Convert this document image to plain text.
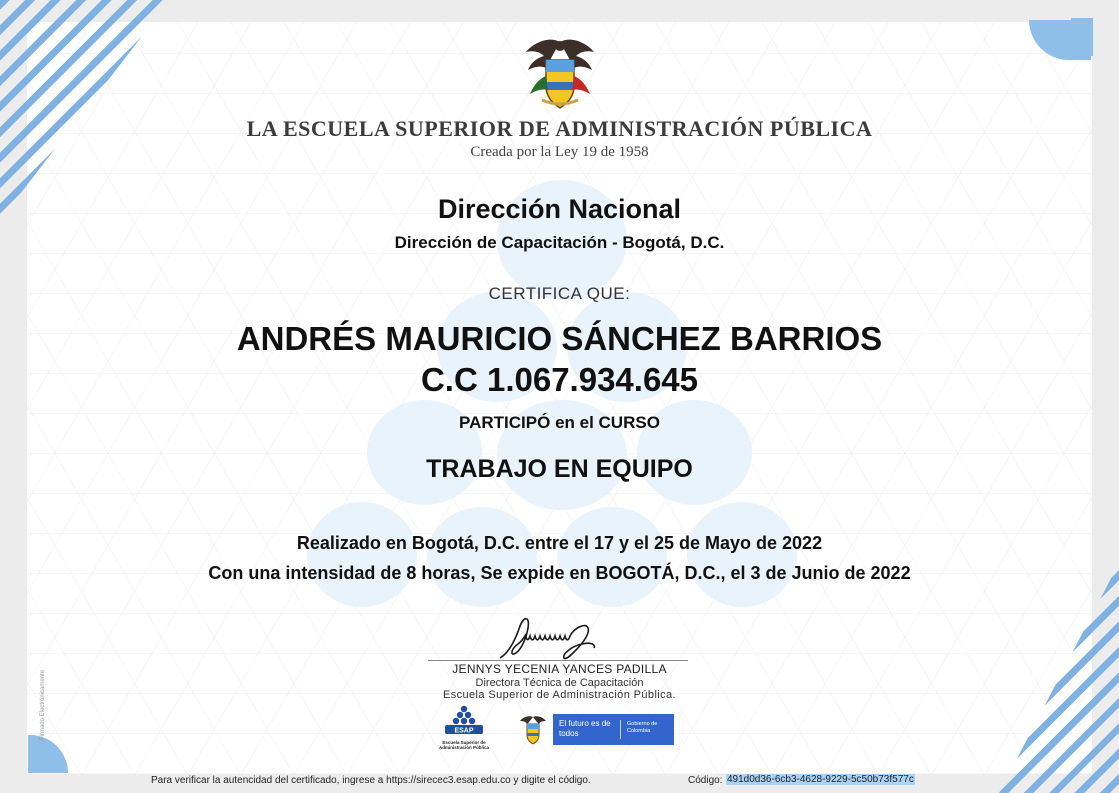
LA ESCUELA SUPERIOR DE ADMINISTRACIÓN PÚBLICA
Creada por la Ley 19 de 1958
Dirección Nacional
Dirección de Capacitación - Bogotá, D.C.
CERTIFICA QUE:
ANDRÉS MAURICIO SÁNCHEZ BARRIOS
C.C 1.067.934.645
PARTICIPÓ en el CURSO
TRABAJO EN EQUIPO
Realizado en Bogotá, D.C. entre el 17 y el 25 de Mayo de 2022
Con una intensidad de 8 horas, Se expide en BOGOTÁ, D.C., el 3 de Junio de 2022
JENNYS YECENIA YANCES PADILLA
Directora Técnica de Capacitación
Escuela Superior de Administración Pública.
Firmado Electrónicamente	ESAP
Escuela Superior de Administración Pública
El futuro es de todos
Gobierno de Colombia
Para verificar la autencidad del certificado, ingrese a https://sirecec3.esap.edu.co y digite el código.	Código: 491d0d36-6cb3-4628-9229-5c50b73f577c
